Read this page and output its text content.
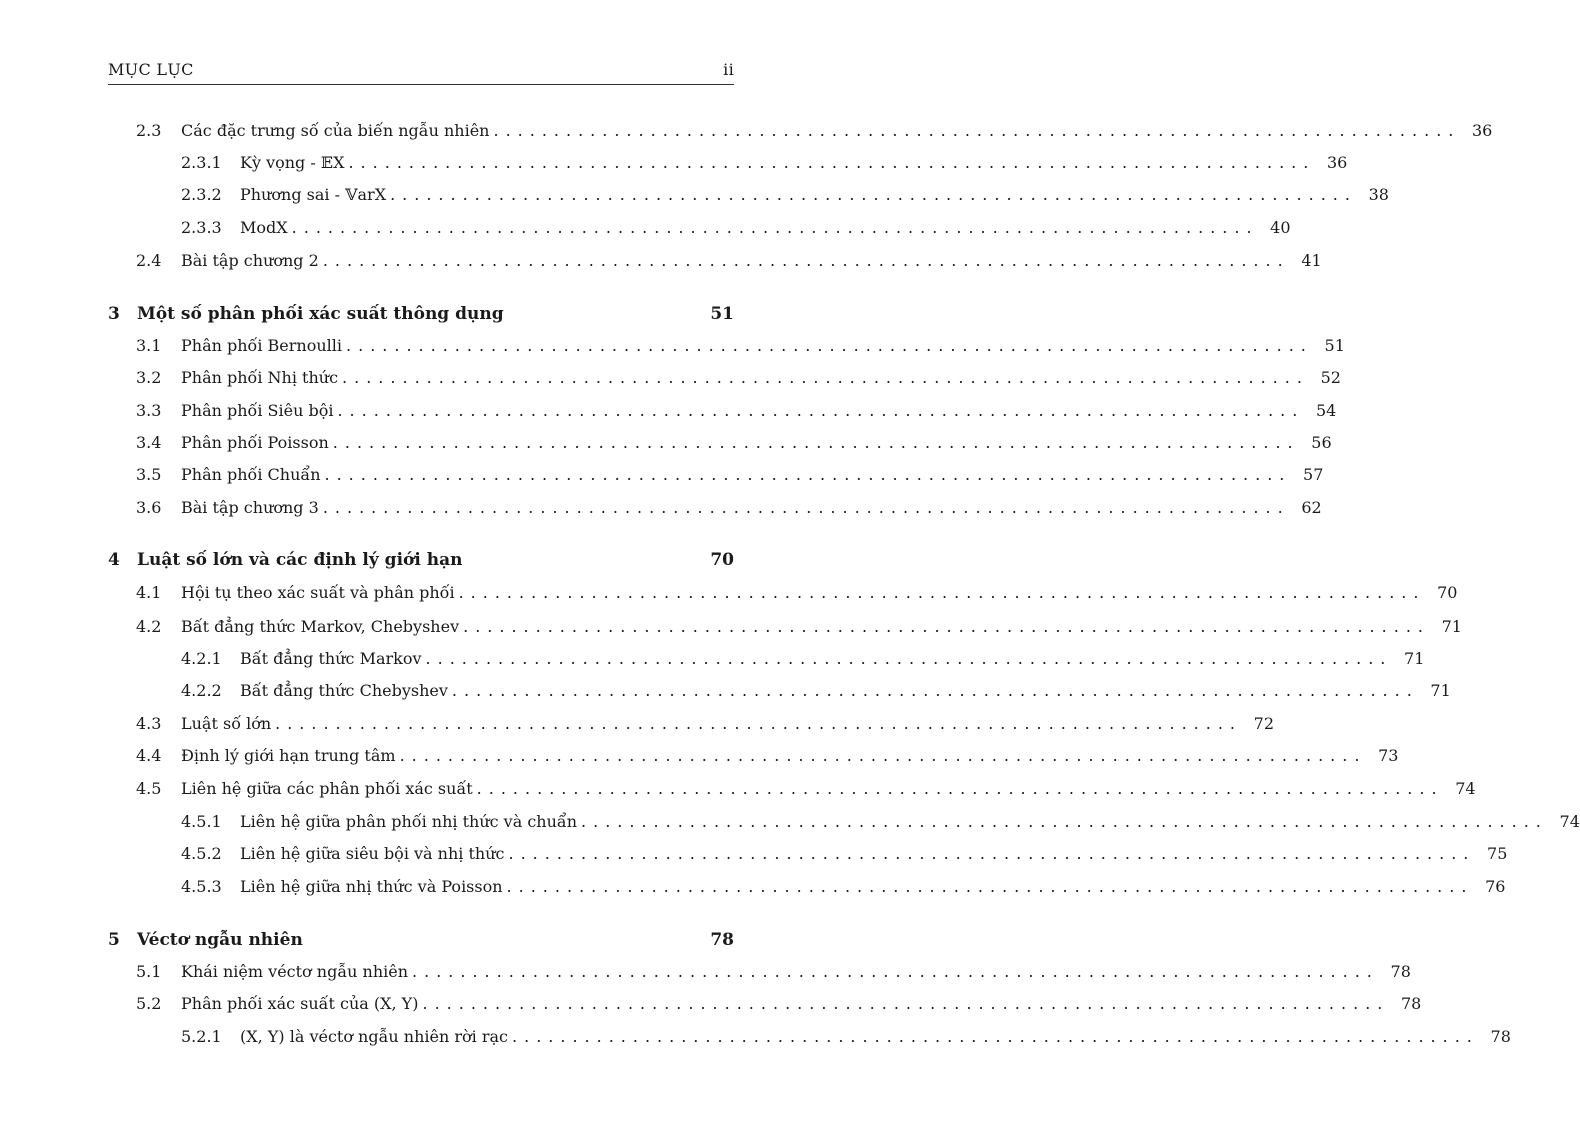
MỤC LỤC	ii
2.3	Các đặc trưng số của biến ngẫu nhiên ................................................................................ 36
2.3.1	Kỳ vọng - 𝔼X ................................................................................ 36
2.3.2	Phương sai - 𝕍arX ................................................................................ 38
2.3.3	ModX ................................................................................ 40
2.4	Bài tập chương 2 ................................................................................ 41
3	Một số phân phối xác suất thông dụng	51
3.1	Phân phối Bernoulli ................................................................................ 51
3.2	Phân phối Nhị thức ................................................................................ 52
3.3	Phân phối Siêu bội ................................................................................ 54
3.4	Phân phối Poisson ................................................................................ 56
3.5	Phân phối Chuẩn ................................................................................ 57
3.6	Bài tập chương 3 ................................................................................ 62
4	Luật số lớn và các định lý giới hạn	70
4.1	Hội tụ theo xác suất và phân phối ................................................................................ 70
4.2	Bất đẳng thức Markov, Chebyshev ................................................................................ 71
4.2.1	Bất đẳng thức Markov ................................................................................ 71
4.2.2	Bất đẳng thức Chebyshev ................................................................................ 71
4.3	Luật số lớn ................................................................................ 72
4.4	Định lý giới hạn trung tâm ................................................................................ 73
4.5	Liên hệ giữa các phân phối xác suất ................................................................................ 74
4.5.1	Liên hệ giữa phân phối nhị thức và chuẩn ................................................................................ 74
4.5.2	Liên hệ giữa siêu bội và nhị thức ................................................................................ 75
4.5.3	Liên hệ giữa nhị thức và Poisson ................................................................................ 76
5	Véctơ ngẫu nhiên	78
5.1	Khái niệm véctơ ngẫu nhiên ................................................................................ 78
5.2	Phân phối xác suất của (X, Y) ................................................................................ 78
5.2.1	(X, Y) là véctơ ngẫu nhiên rời rạc ................................................................................ 78
